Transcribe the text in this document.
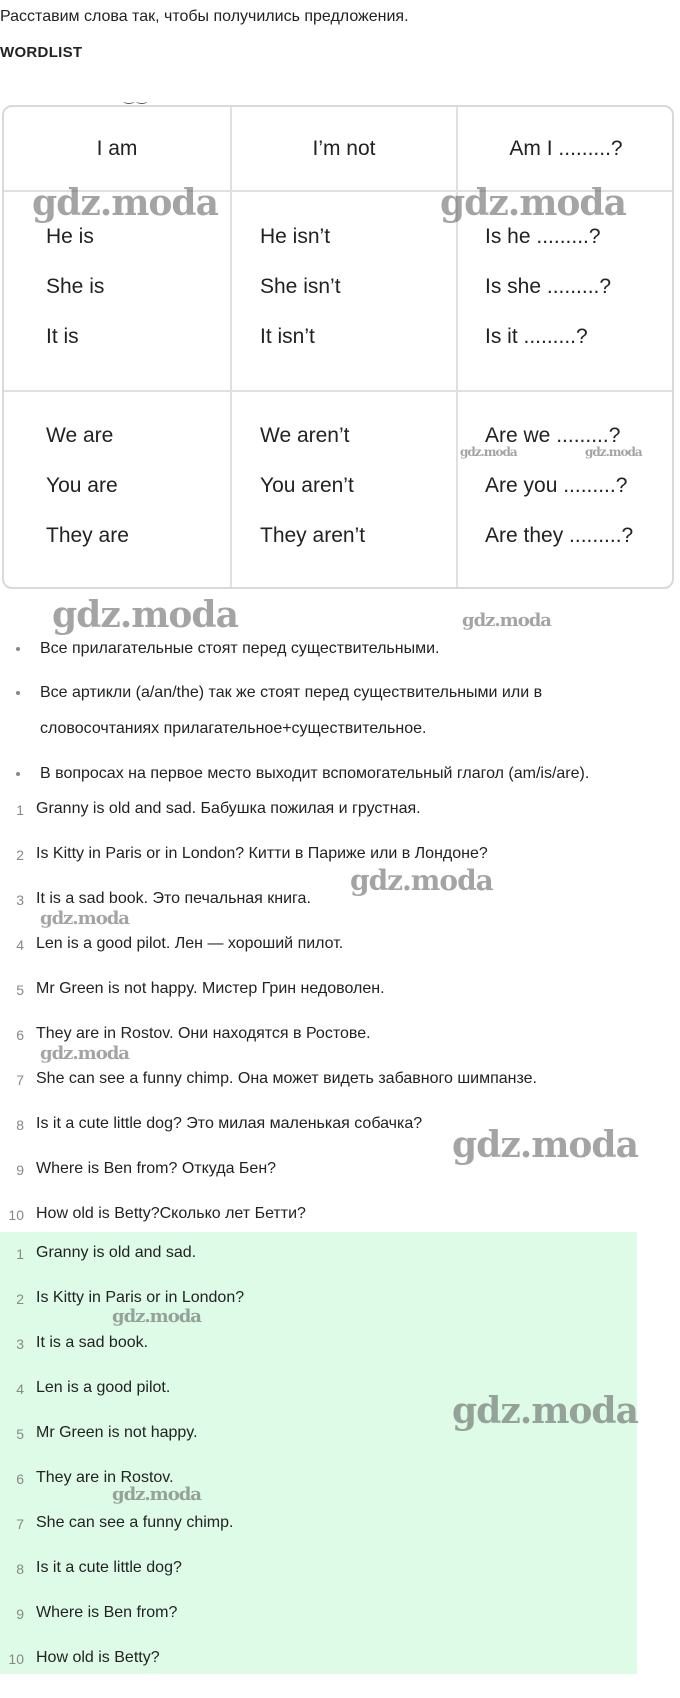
Расставим слова так, чтобы получились предложения.
WORDLIST
‿ ‿
I am	I’m not	Am I .........?
He is	He isn’t	Is he .........?
She is	She isn’t	Is she .........?
It is	It isn’t	Is it .........?
We are	We aren’t	Are we .........?
You are	You aren’t	Are you .........?
They are	They aren’t	Are they .........?
Все прилагательные стоят перед существительными.
Все артикли (a/an/the) так же стоят перед существительными или в
словосочтаниях прилагательное+существительное.
В вопросах на первое место выходит вспомогательный глагол (am/is/are).
1 Granny is old and sad. Бабушка пожилая и грустная.
2 Is Kitty in Paris or in London? Китти в Париже или в Лондоне?
3 It is a sad book. Это печальная книга.
4 Len is a good pilot. Лен — хороший пилот.
5 Mr Green is not happy. Мистер Грин недоволен.
6 They are in Rostov. Они находятся в Ростове.
7 She can see a funny chimp. Она может видеть забавного шимпанзе.
8 Is it a cute little dog? Это милая маленькая собачка?
9 Where is Ben from? Откуда Бен?
10 How old is Betty?Сколько лет Бетти?
1 Granny is old and sad.
2 Is Kitty in Paris or in London?
3 It is a sad book.
4 Len is a good pilot.
5 Mr Green is not happy.
6 They are in Rostov.
7 She can see a funny chimp.
8 Is it a cute little dog?
9 Where is Ben from?
10 How old is Betty?
gdz.moda	gdz.moda
gdz.moda	gdz.moda
gdz.moda	gdz.moda
gdz.moda
gdz.moda
gdz.moda
gdz.moda
gdz.moda
gdz.moda
gdz.moda
